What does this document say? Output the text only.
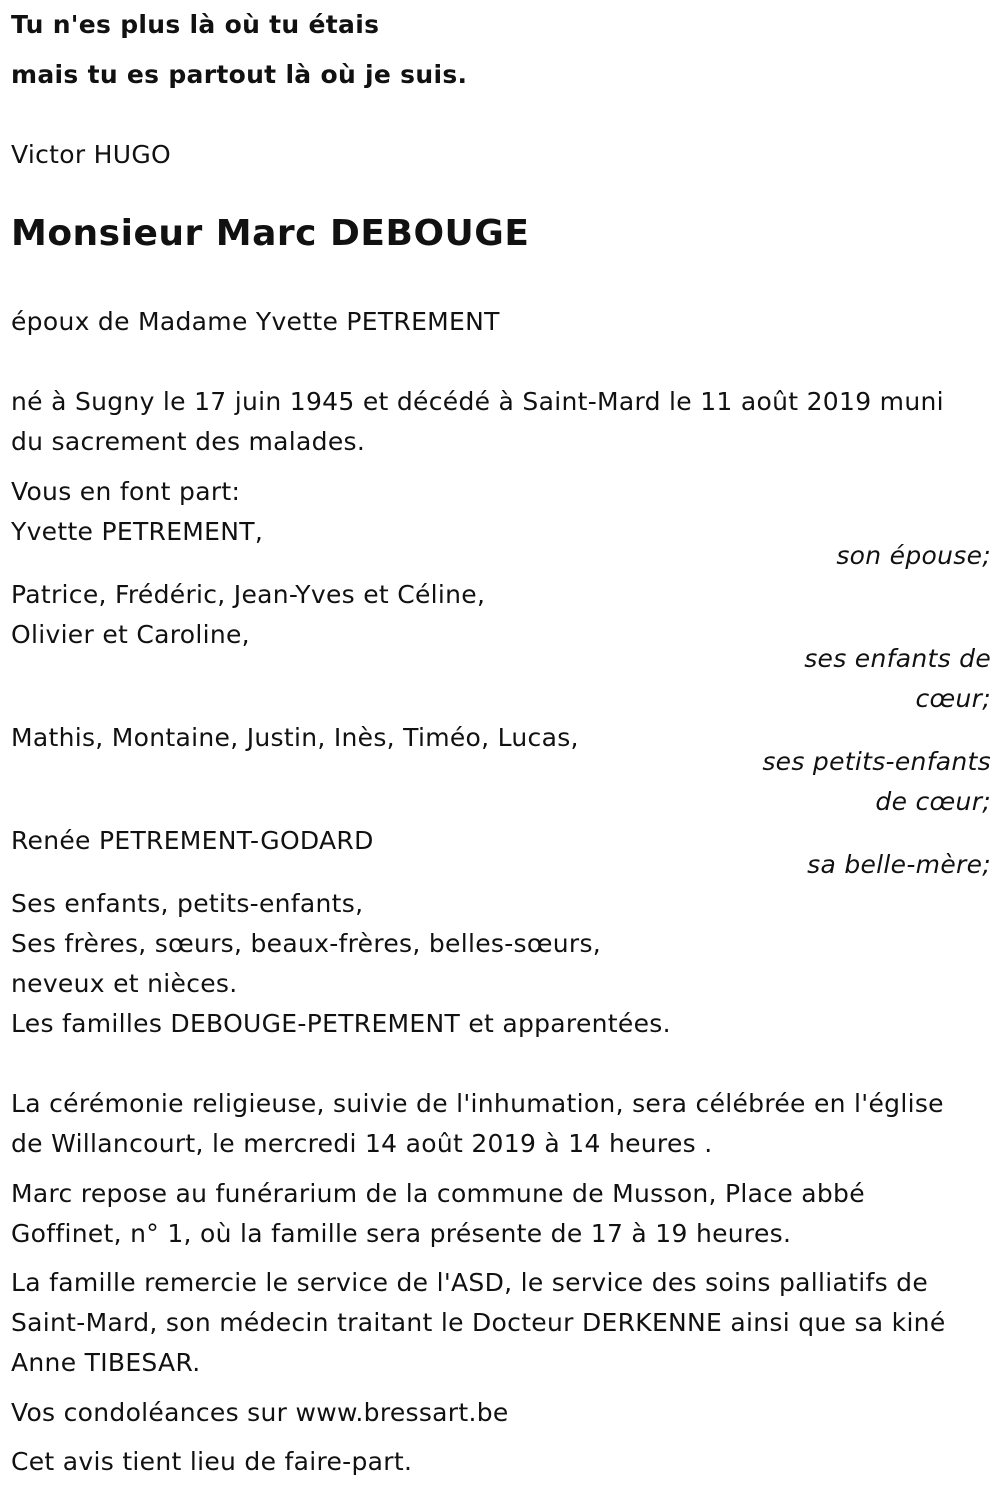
Tu n'es plus là où tu étais
mais tu es partout là où je suis.
Victor HUGO
Monsieur Marc DEBOUGE
époux de Madame Yvette PETREMENT
né à Sugny le 17 juin 1945 et décédé à Saint-Mard le 11 août 2019 muni
du sacrement des malades.
Vous en font part:
Yvette PETREMENT,
son épouse;
Patrice, Frédéric, Jean-Yves et Céline,
Olivier et Caroline,
ses enfants de
cœur;
Mathis, Montaine, Justin, Inès, Timéo, Lucas,
ses petits-enfants
de cœur;
Renée PETREMENT-GODARD
sa belle-mère;
Ses enfants, petits-enfants,
Ses frères, sœurs, beaux-frères, belles-sœurs,
neveux et nièces.
Les familles DEBOUGE-PETREMENT et apparentées.
La cérémonie religieuse, suivie de l'inhumation, sera célébrée en l'église
de Willancourt, le mercredi 14 août 2019 à 14 heures .
Marc repose au funérarium de la commune de Musson, Place abbé
Goffinet, n° 1, où la famille sera présente de 17 à 19 heures.
La famille remercie le service de l'ASD, le service des soins palliatifs de
Saint-Mard, son médecin traitant le Docteur DERKENNE ainsi que sa kiné
Anne TIBESAR.
Vos condoléances sur www.bressart.be
Cet avis tient lieu de faire-part.
